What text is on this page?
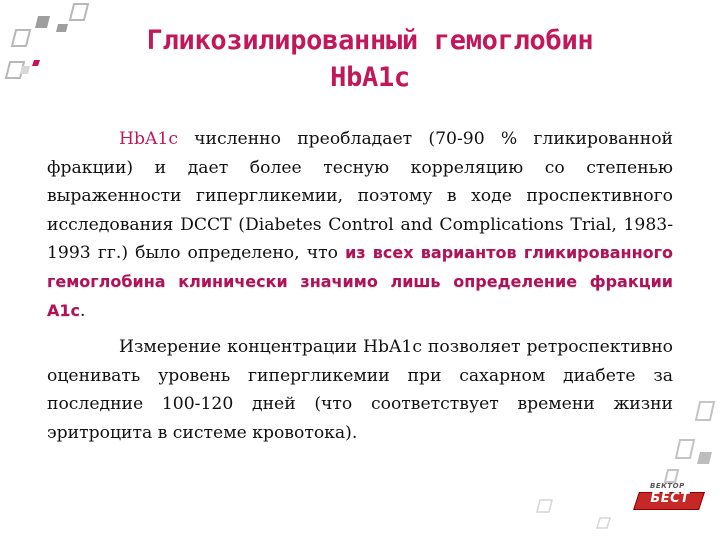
Гликозилированный гемоглобин
HbA1c

HbA1c численно преобладает (70-90 % гликированной фракции) и дает более тесную корреляцию со степенью выраженности гипергликемии, поэтому в ходе проспективного исследования DCCT (Diabetes Control and Complications Trial, 1983-1993 гг.) было определено, что из всех вариантов гликированного гемоглобина клинически значимо лишь определение фракции А1с.

Измерение концентрации HbA1c позволяет ретроспективно оценивать уровень гипергликемии при сахарном диабете за последние 100-120 дней (что соответствует времени жизни эритроцита в системе кровотока).

ВЕКТОР
БЕСТ
